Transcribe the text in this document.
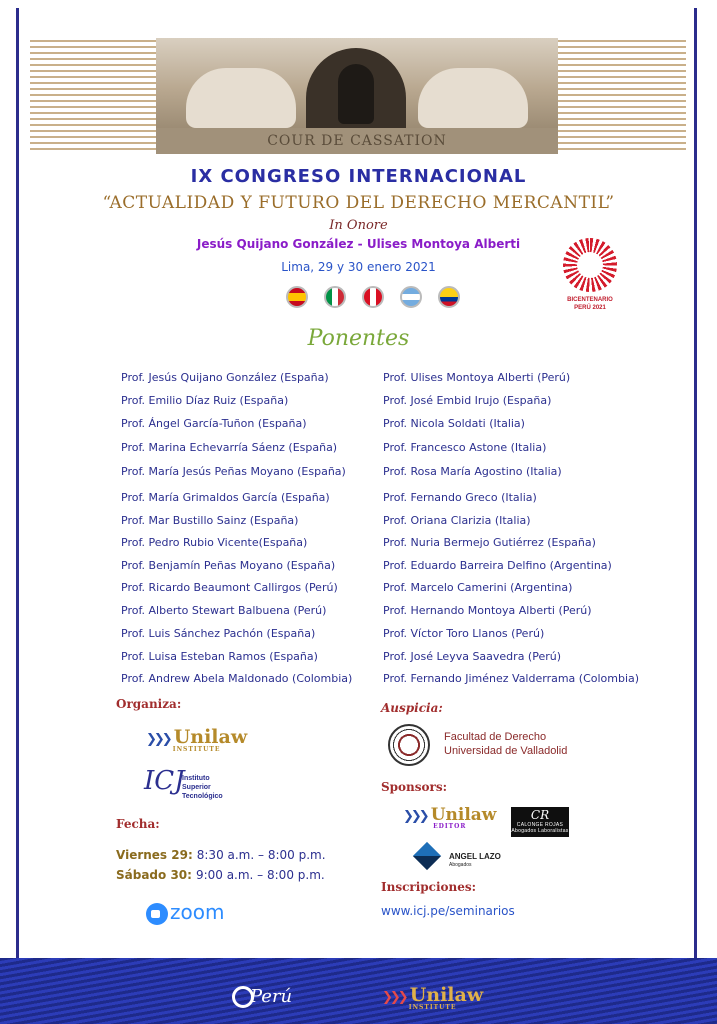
COUR DE CASSATION
IX CONGRESO INTERNACIONAL
“ACTUALIDAD Y FUTURO DEL DERECHO MERCANTIL”
In Onore
Jesús Quijano González - Ulises Montoya Alberti
Lima, 29 y 30 enero 2021
BICENTENARIO
PERÚ 2021
Ponentes
Prof. Jesús Quijano González (España)
Prof. Emilio Díaz Ruiz (España)
Prof. Ángel García-Tuñon (España)
Prof. Marina Echevarría Sáenz (España)
Prof. María Jesús Peñas Moyano (España)
Prof. María Grimaldos García (España)
Prof. Mar Bustillo Sainz (España)
Prof. Pedro Rubio Vicente(España)
Prof. Benjamín Peñas Moyano (España)
Prof. Ricardo Beaumont Callirgos (Perú)
Prof. Alberto Stewart Balbuena (Perú)
Prof. Luis Sánchez Pachón (España)
Prof. Luisa Esteban Ramos (España)
Prof. Andrew Abela Maldonado (Colombia)
Prof. Ulises Montoya Alberti (Perú)
Prof. José Embid Irujo (España)
Prof. Nicola Soldati (Italia)
Prof. Francesco Astone (Italia)
Prof. Rosa María Agostino (Italia)
Prof. Fernando Greco (Italia)
Prof. Oriana Clarizia (Italia)
Prof. Nuria Bermejo Gutiérrez (España)
Prof. Eduardo Barreira Delfino (Argentina)
Prof. Marcelo Camerini (Argentina)
Prof. Hernando Montoya Alberti (Perú)
Prof. Víctor Toro Llanos (Perú)
Prof. José Leyva Saavedra (Perú)
Prof. Fernando Jiménez Valderrama (Colombia)
Organiza:
❯❯❯ Unilaw
INSTITUTE
ICJ
Instituto
Superior
Tecnológico
Fecha:
Viernes 29: 8:30 a.m. – 8:00 p.m.
Sábado 30: 9:00 a.m. – 8:00 p.m.
zoom
Auspicia:
Facultad de Derecho
Universidad de Valladolid
Sponsors:
❯❯❯ Unilaw
EDITOR
CR
CALONGE ROJAS
Abogados Laboralistas
ANGEL LAZO
Abogados
Inscripciones:
www.icj.pe/seminarios
Perú	❯❯❯ Unilaw
INSTITUTE
